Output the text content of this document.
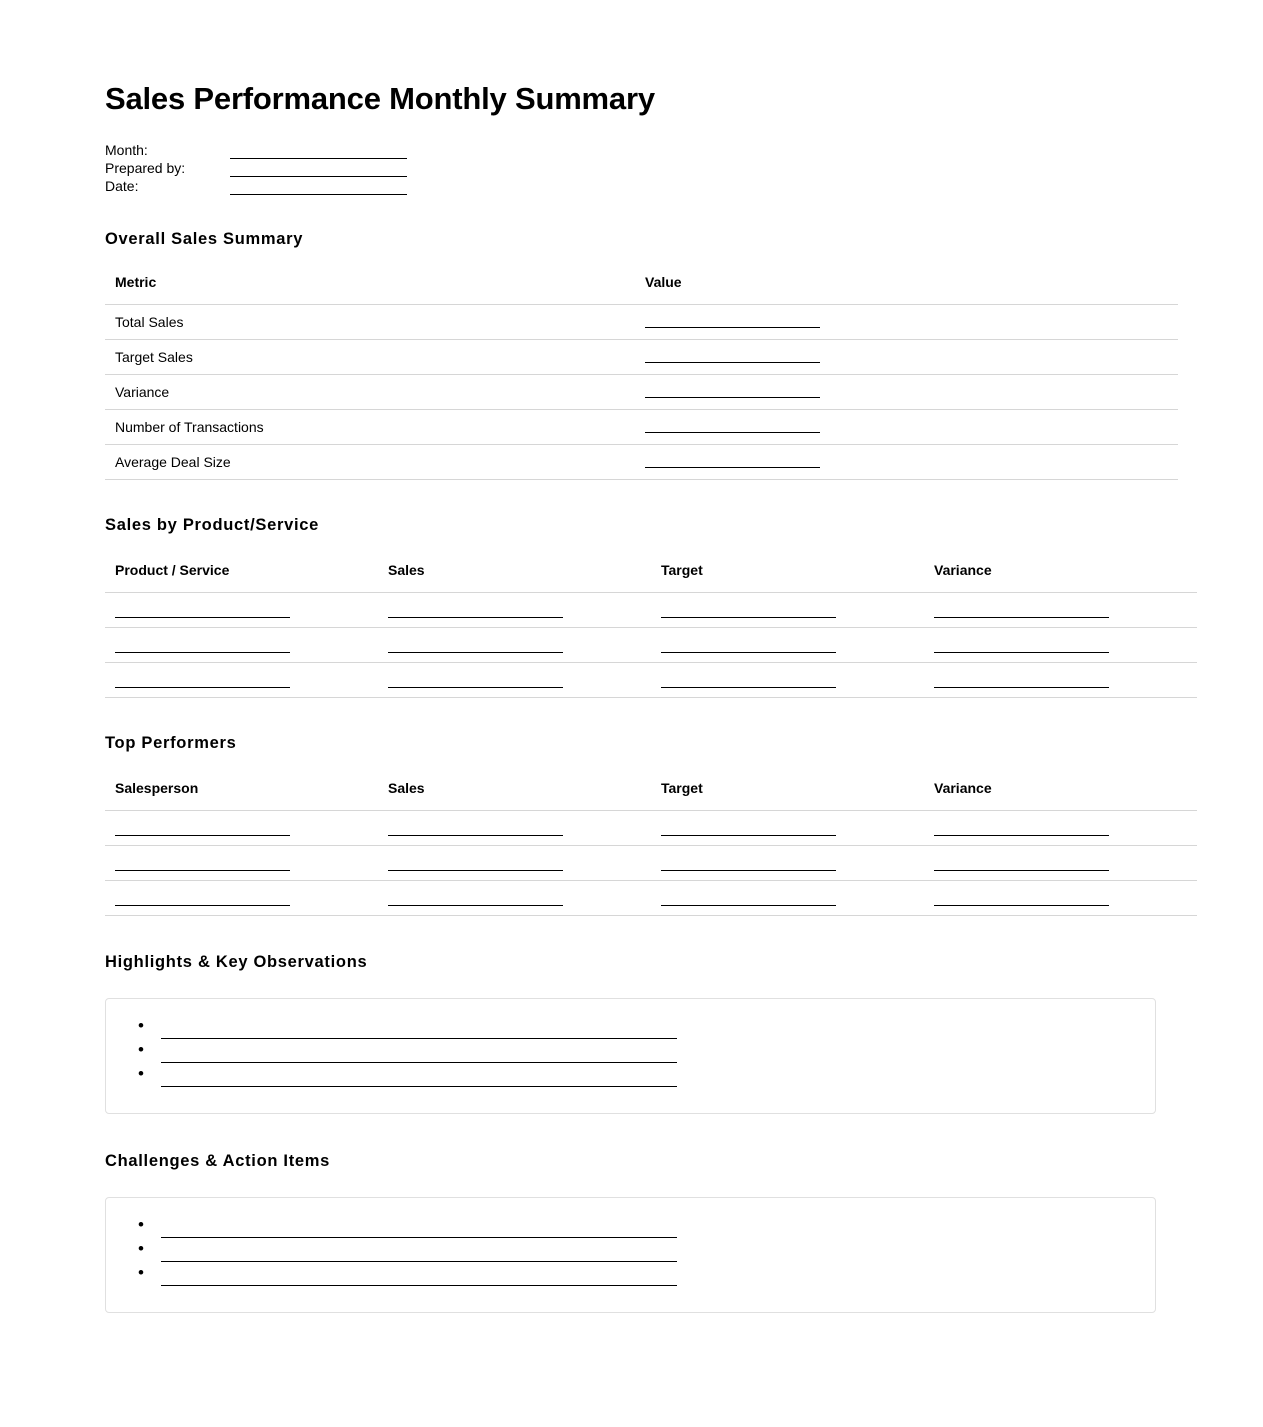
Sales Performance Monthly Summary
Month:
Prepared by:
Date:
Overall Sales Summary
Metric	Value
Total Sales	

Target Sales	

Variance	

Number of Transactions	

Average Deal Size	
Sales by Product/Service
Product / Service	Sales	Target	Variance

Top Performers
Salesperson	Sales	Target	Variance

Highlights & Key Observations
•
•
•
Challenges & Action Items
•
•
•
